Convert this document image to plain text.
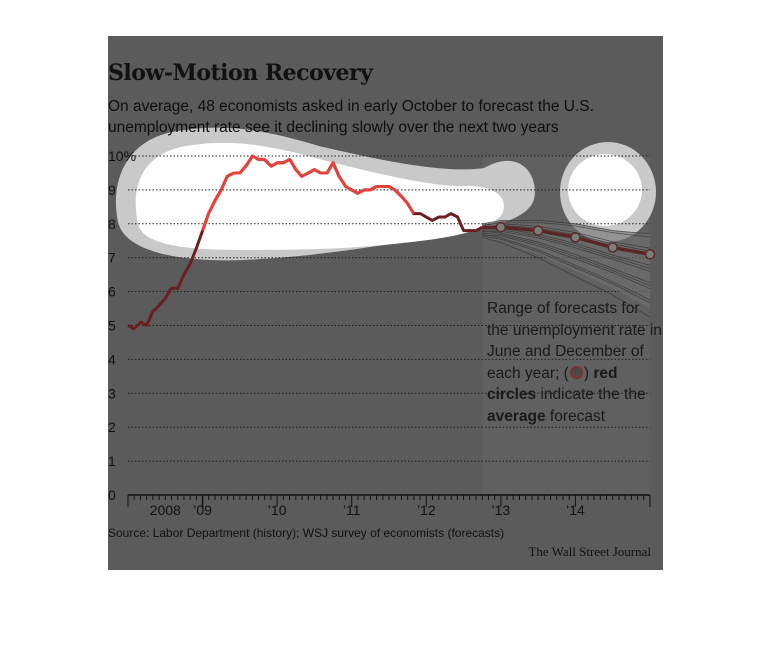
0
1
2
3
4
5
6
7
8
9
10%
2008 ’09	’10	’11	’12	’13	’14
Slow-Motion Recovery

On average, 48 economists asked in early October to forecast the U.S. unemployment rate see it declining slowly over the next two years

Range of forecasts for the unemployment rate in June and December of each year; ( ) red circles indicate the the average forecast

Source: Labor Department (history); WSJ survey of economists (forecasts)

The Wall Street Journal
